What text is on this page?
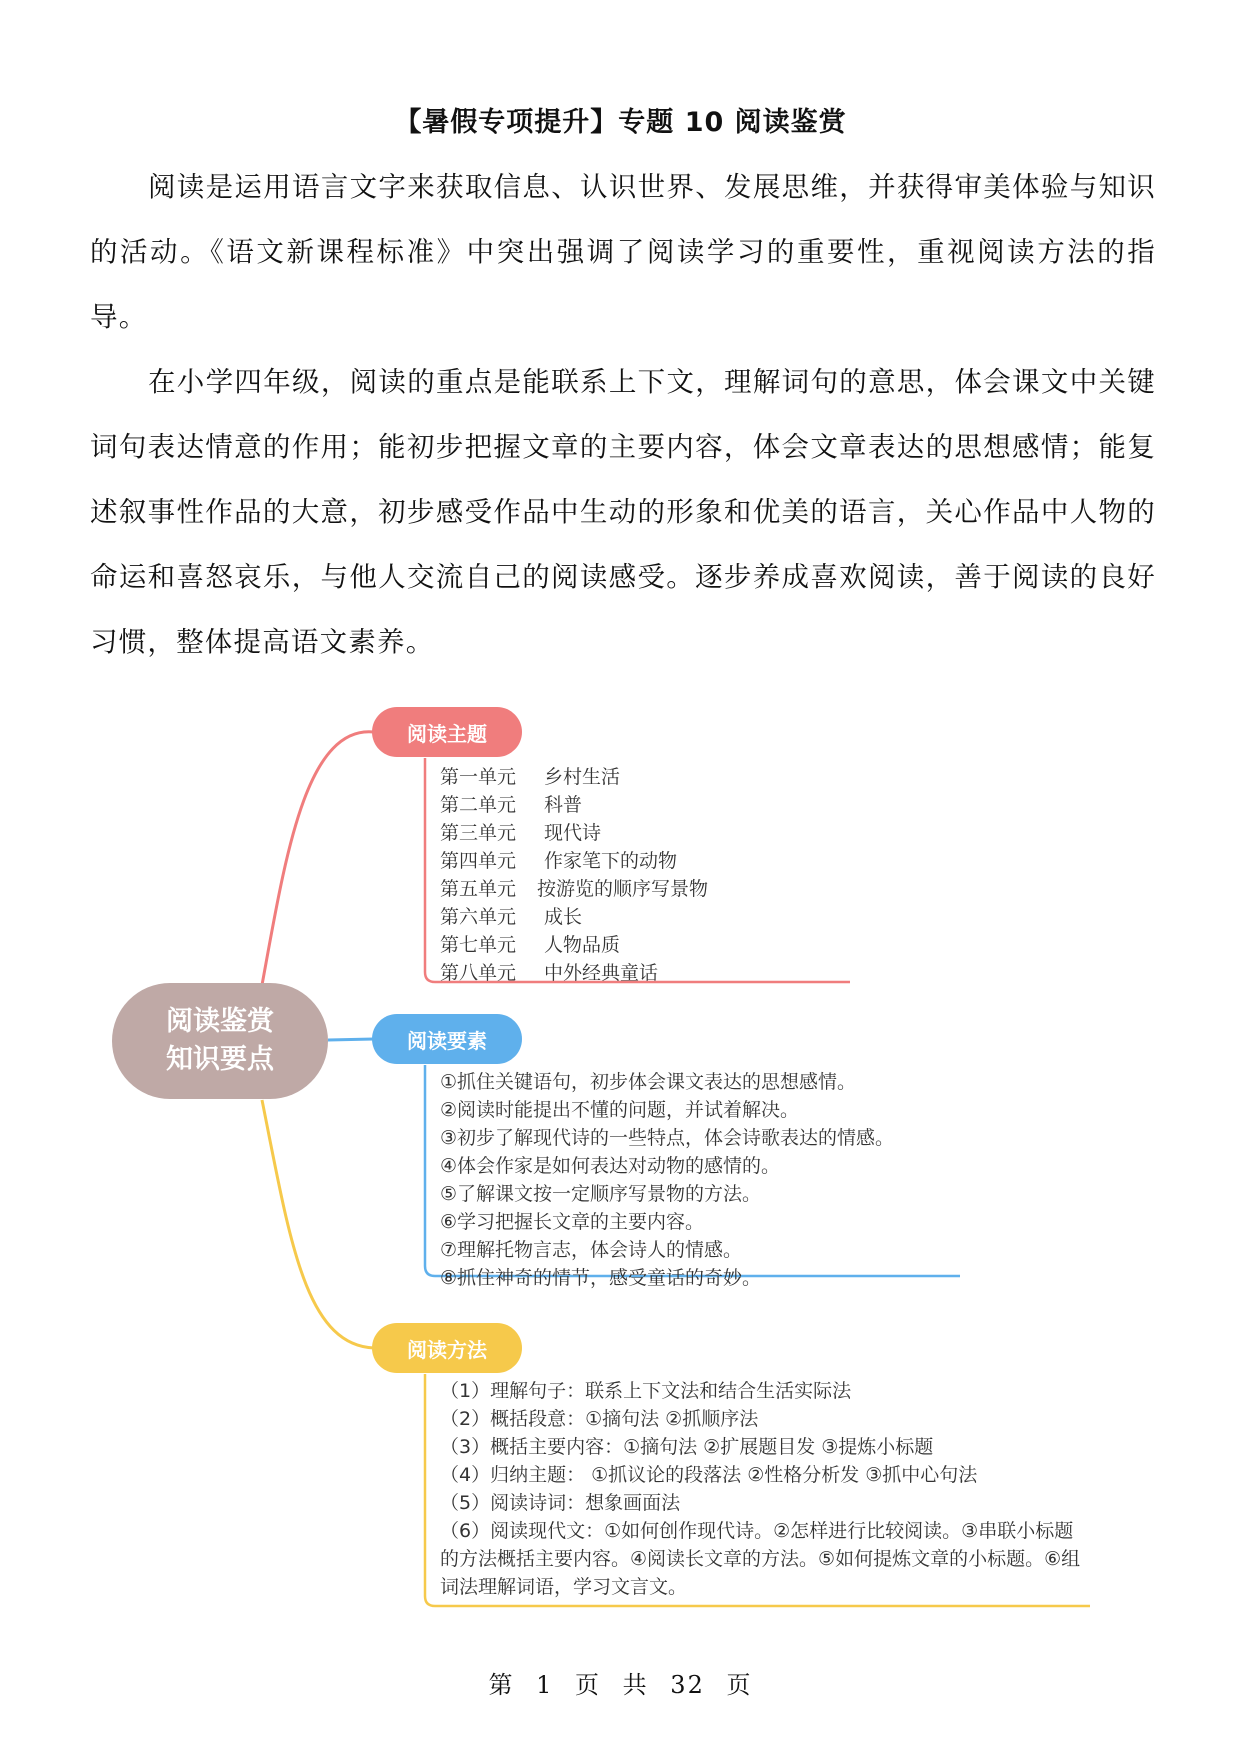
【暑假专项提升】专题 10 阅读鉴赏

阅读是运用语言文字来获取信息、认识世界、发展思维，并获得审美体验与知识的活动。《语文新课程标准》中突出强调了阅读学习的重要性，重视阅读方法的指导。

在小学四年级，阅读的重点是能联系上下文，理解词句的意思，体会课文中关键词句表达情意的作用；能初步把握文章的主要内容，体会文章表达的思想感情；能复述叙事性作品的大意，初步感受作品中生动的形象和优美的语言，关心作品中人物的命运和喜怒哀乐，与他人交流自己的阅读感受。逐步养成喜欢阅读，善于阅读的良好习惯，整体提高语文素养。

阅读鉴赏
知识要点
阅读主题
第一单元 乡村生活
第二单元 科普
第三单元 现代诗
第四单元 作家笔下的动物
第五单元 按游览的顺序写景物
第六单元 成长
第七单元 人物品质
第八单元 中外经典童话
阅读要素
①抓住关键语句，初步体会课文表达的思想感情。
②阅读时能提出不懂的问题，并试着解决。
③初步了解现代诗的一些特点，体会诗歌表达的情感。
④体会作家是如何表达对动物的感情的。
⑤了解课文按一定顺序写景物的方法。
⑥学习把握长文章的主要内容。
⑦理解托物言志，体会诗人的情感。
⑧抓住神奇的情节，感受童话的奇妙。
阅读方法
（1）理解句子：联系上下文法和结合生活实际法
（2）概括段意：①摘句法 ②抓顺序法
（3）概括主要内容：①摘句法 ②扩展题目发 ③提炼小标题
（4）归纳主题： ①抓议论的段落法 ②性格分析发 ③抓中心句法
（5）阅读诗词：想象画面法
（6）阅读现代文：①如何创作现代诗。②怎样进行比较阅读。③串联小标题的方法概括主要内容。④阅读长文章的方法。⑤如何提炼文章的小标题。⑥组词法理解词语，学习文言文。
第 1 页 共 32 页
